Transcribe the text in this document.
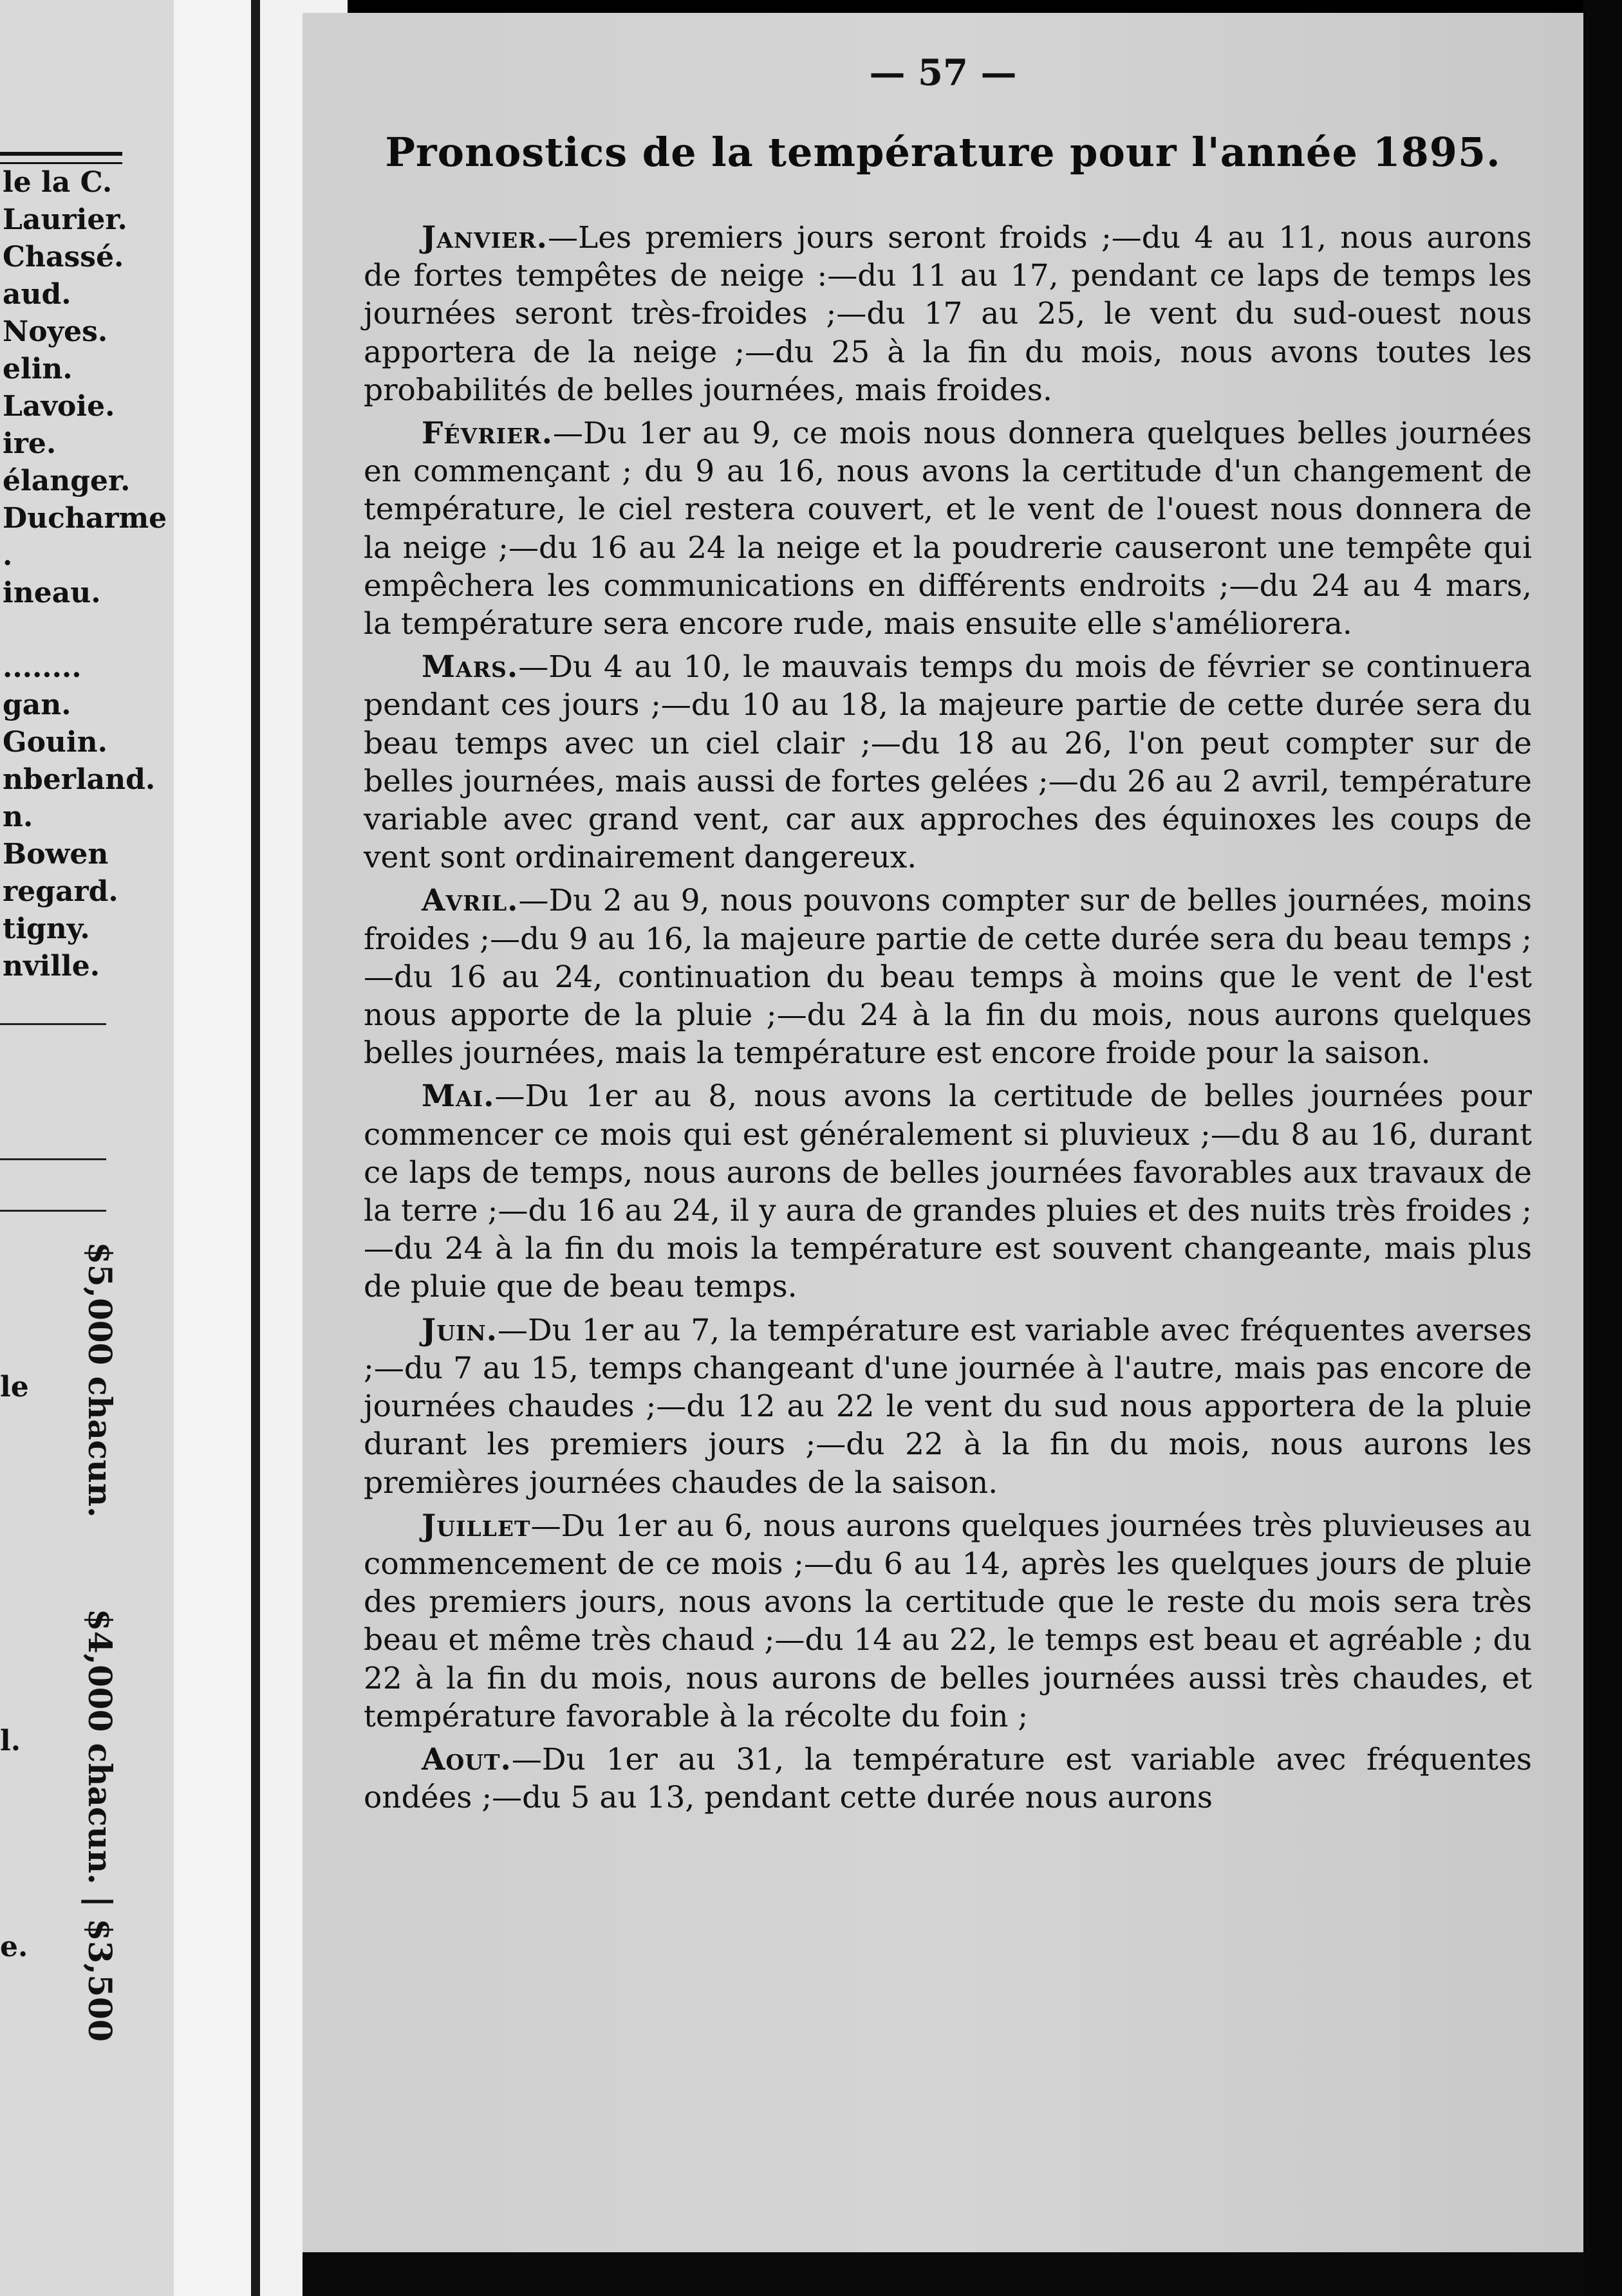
le la C.
Laurier.
Chassé.
aud.
Noyes.
elin.
Lavoie.
ire.
élanger.
Ducharme
.
ineau.
........
gan.
Gouin.
nberland.
n.
Bowen
regard.
tigny.
nville.
le
l.
e.
$5,000 chacun.
$4,000 chacun. | $3,500
— 57 —
Pronostics de la température pour l'année 1895.

Janvier.—Les premiers jours seront froids ;—du 4 au 11, nous aurons de fortes tempêtes de neige :—du 11 au 17, pendant ce laps de temps les journées seront très-froides ;—du 17 au 25, le vent du sud-ouest nous apportera de la neige ;—du 25 à la fin du mois, nous avons toutes les probabilités de belles journées, mais froides.

Février.—Du 1er au 9, ce mois nous donnera quelques belles journées en commençant ; du 9 au 16, nous avons la certitude d'un changement de température, le ciel restera couvert, et le vent de l'ouest nous donnera de la neige ;—du 16 au 24 la neige et la poudrerie causeront une tempête qui empêchera les communications en différents endroits ;—du 24 au 4 mars, la température sera encore rude, mais ensuite elle s'améliorera.

Mars.—Du 4 au 10, le mauvais temps du mois de février se continuera pendant ces jours ;—du 10 au 18, la majeure partie de cette durée sera du beau temps avec un ciel clair ;—du 18 au 26, l'on peut compter sur de belles journées, mais aussi de fortes gelées ;—du 26 au 2 avril, température variable avec grand vent, car aux approches des équinoxes les coups de vent sont ordinairement dangereux.

Avril.—Du 2 au 9, nous pouvons compter sur de belles journées, moins froides ;—du 9 au 16, la majeure partie de cette durée sera du beau temps ;—du 16 au 24, continuation du beau temps à moins que le vent de l'est nous apporte de la pluie ;—du 24 à la fin du mois, nous aurons quelques belles journées, mais la température est encore froide pour la saison.

Mai.—Du 1er au 8, nous avons la certitude de belles journées pour commencer ce mois qui est généralement si pluvieux ;—du 8 au 16, durant ce laps de temps, nous aurons de belles journées favorables aux travaux de la terre ;—du 16 au 24, il y aura de grandes pluies et des nuits très froides ;—du 24 à la fin du mois la température est souvent changeante, mais plus de pluie que de beau temps.

Juin.—Du 1er au 7, la température est variable avec fréquentes averses ;—du 7 au 15, temps changeant d'une journée à l'autre, mais pas encore de journées chaudes ;—du 12 au 22 le vent du sud nous apportera de la pluie durant les premiers jours ;—du 22 à la fin du mois, nous aurons les premières journées chaudes de la saison.

Juillet—Du 1er au 6, nous aurons quelques journées très pluvieuses au commencement de ce mois ;—du 6 au 14, après les quelques jours de pluie des premiers jours, nous avons la certitude que le reste du mois sera très beau et même très chaud ;—du 14 au 22, le temps est beau et agréable ; du 22 à la fin du mois, nous aurons de belles journées aussi très chaudes, et température favorable à la récolte du foin ;

Aout.—Du 1er au 31, la température est variable avec fréquentes ondées ;—du 5 au 13, pendant cette durée nous aurons
